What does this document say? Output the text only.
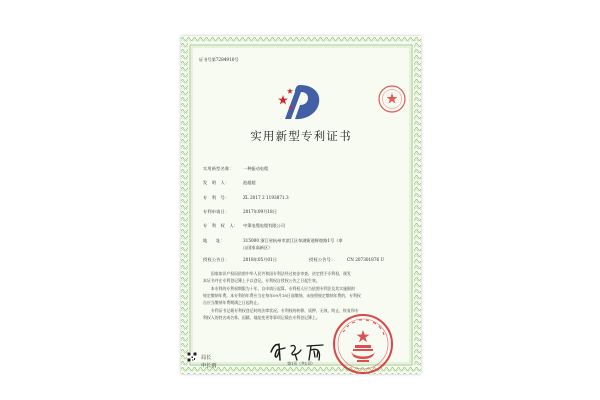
证书号第7284910号
实用新型专利证书
实用新型名称： 一种振动电缆
发　明　人：	池超超
专　利　号：	ZL 2017 2 1193871.3
专利申请日：	2017年09月18日
专　利　权　人： 中策电缆电缆有限公司
地　　址：	315000 浙江省杭州市滨江区奉湖街道辉煌路1号（奉
山国家高新区）
授权公告日：	2018年05月01日	授权公告号：	CN 207301876 U
　　国家知识产权局依照中华人民共和国专利法经过初步审查，决定授予专利权，颁发
本证书并在专利登记簿上予以登记。专利权自授权公告之日起生效。
　　本专利的专利权期限为十年，自申请日起算。专利权人应当依照专利法及其实施细则
规定缴纳年费。本专利的年费应当在每年09月18日前缴纳。未按照规定缴纳年费的，专利权
自应当缴纳年费期满之日起终止。
　　专利证书记载专利权登记时的法律状况。专利权的转移、质押、无效、终止、恢复和专
利权人的姓名或名称、国籍、地址变更等事项记载在专利登记簿上。
局长
申长雨	第1页（共1页）
